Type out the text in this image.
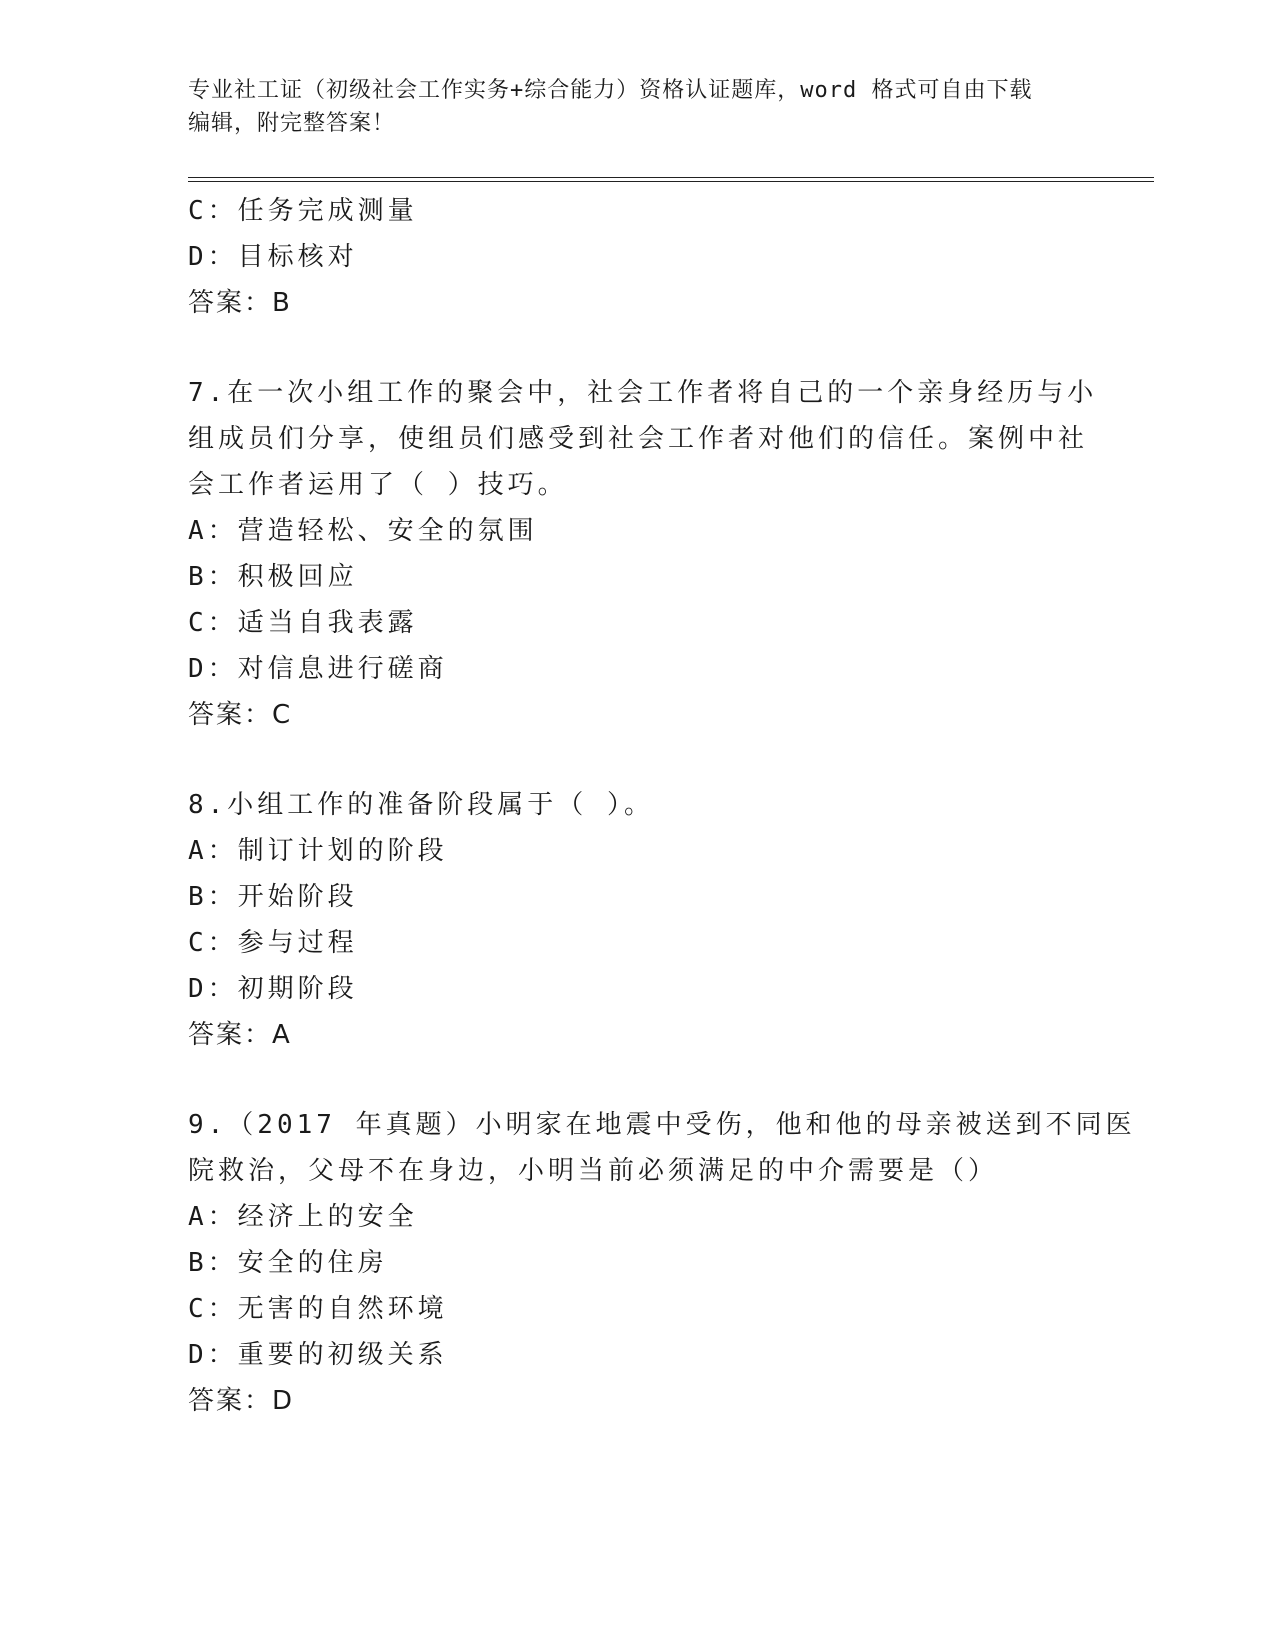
专业社工证（初级社会工作实务+综合能力）资格认证题库，word 格式可自由下载
编辑，附完整答案！
C：任务完成测量
D：目标核对
答案：B
7.在一次小组工作的聚会中，社会工作者将自己的一个亲身经历与小
组成员们分享，使组员们感受到社会工作者对他们的信任。案例中社
会工作者运用了（ ）技巧。
A：营造轻松、安全的氛围
B：积极回应
C：适当自我表露
D：对信息进行磋商
答案：C
8.小组工作的准备阶段属于（ ）。
A：制订计划的阶段
B：开始阶段
C：参与过程
D：初期阶段
答案：A
9.（2017 年真题）小明家在地震中受伤，他和他的母亲被送到不同医
院救治，父母不在身边，小明当前必须满足的中介需要是（）
A：经济上的安全
B：安全的住房
C：无害的自然环境
D：重要的初级关系
答案：D
